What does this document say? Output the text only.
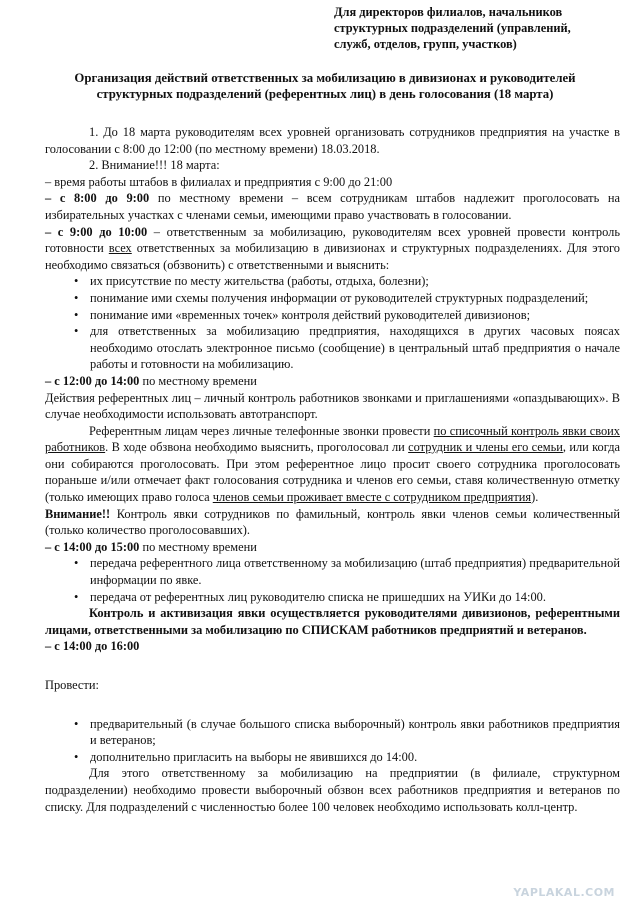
Для директоров филиалов, начальников
структурных подразделений (управлений,
служб, отделов, групп, участков)
Организация действий ответственных за мобилизацию в дивизионах и руководителей
структурных подразделений (референтных лиц) в день голосования (18 марта)

1. До 18 марта руководителям всех уровней организовать сотрудников предприятия на участке в голосовании с 8:00 до 12:00 (по местному времени) 18.03.2018.

2. Внимание!!! 18 марта:

– время работы штабов в филиалах и предприятия с 9:00 до 21:00

– с 8:00 до 9:00 по местному времени – всем сотрудникам штабов надлежит проголосовать на избирательных участках с членами семьи, имеющими право участвовать в голосовании.

– с 9:00 до 10:00 – ответственным за мобилизацию, руководителям всех уровней провести контроль готовности всех ответственных за мобилизацию в дивизионах и структурных подразделениях. Для этого необходимо связаться (обзвонить) с ответственными и выяснить:

• их присутствие по месту жительства (работы, отдыха, болезни);

• понимание ими схемы получения информации от руководителей структурных подразделений;

• понимание ими «временных точек» контроля действий руководителей дивизионов;

• для ответственных за мобилизацию предприятия, находящихся в других часовых поясах необходимо отослать электронное письмо (сообщение) в центральный штаб предприятия о начале работы и готовности на мобилизацию.

– с 12:00 до 14:00 по местному времени

Действия референтных лиц – личный контроль работников звонками и приглашениями «опаздывающих». В случае необходимости использовать автотранспорт.

Референтным лицам через личные телефонные звонки провести по списочный контроль явки своих работников. В ходе обзвона необходимо выяснить, проголосовал ли сотрудник и члены его семьи, или когда они собираются проголосовать. При этом референтное лицо просит своего сотрудника проголосовать пораньше и/или отмечает факт голосования сотрудника и членов его семьи, ставя количественную отметку (только имеющих право голоса членов семьи проживает вместе с сотрудником предприятия).

Внимание!! Контроль явки сотрудников по фамильный, контроль явки членов семьи количественный (только количество проголосовавших).

– с 14:00 до 15:00 по местному времени

• передача референтного лица ответственному за мобилизацию (штаб предприятия) предварительной информации по явке.

• передача от референтных лиц руководителю списка не пришедших на УИКи до 14:00.

Контроль и активизация явки осуществляется руководителями дивизионов, референтными лицами, ответственными за мобилизацию по СПИСКАМ работников предприятий и ветеранов.

– с 14:00 до 16:00

Провести:

• предварительный (в случае большого списка выборочный) контроль явки работников предприятия и ветеранов;

• дополнительно пригласить на выборы не явившихся до 14:00.

Для этого ответственному за мобилизацию на предприятии (в филиале, структурном подразделении) необходимо провести выборочный обзвон всех работников предприятия и ветеранов по списку. Для подразделений с численностью более 100 человек необходимо использовать колл-центр.

YAPLAKAL.COM
